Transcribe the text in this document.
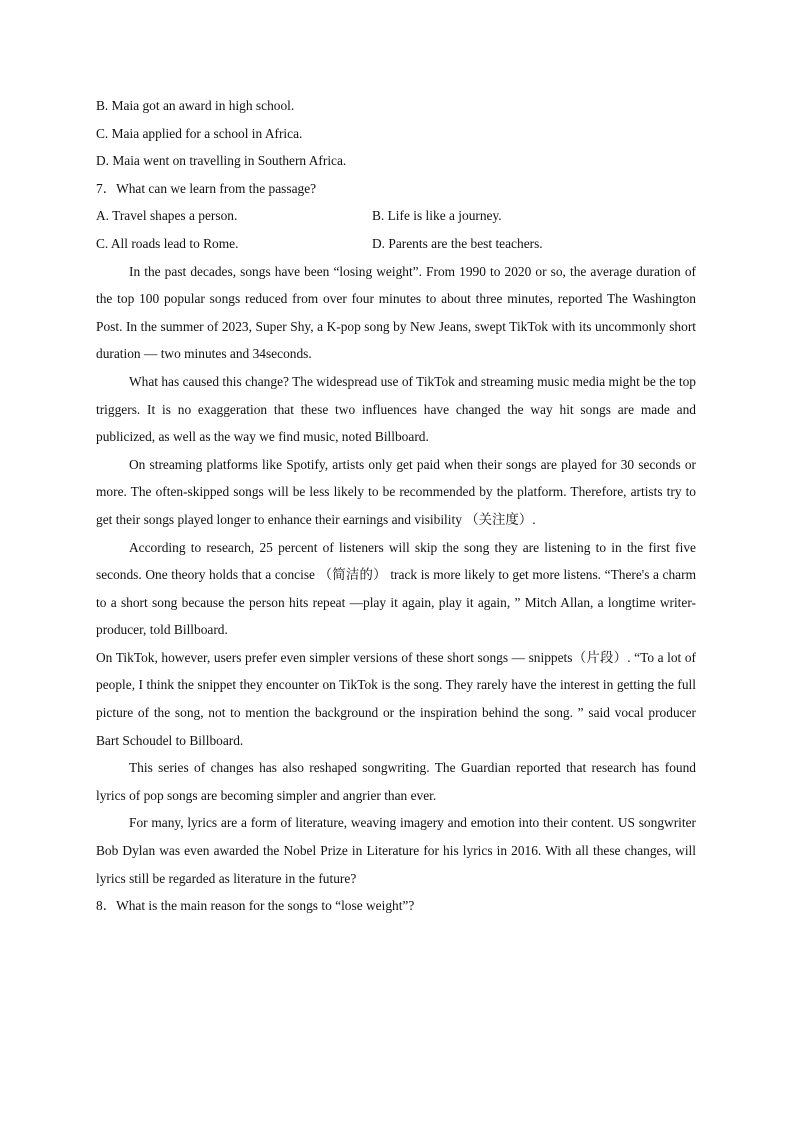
B. Maia got an award in high school.
C. Maia applied for a school in Africa.
D. Maia went on travelling in Southern Africa.
7．What can we learn from the passage?
A. Travel shapes a person.	B. Life is like a journey.
C. All roads lead to Rome.	D. Parents are the best teachers.

In the past decades, songs have been “losing weight”. From 1990 to 2020 or so, the average duration of the top 100 popular songs reduced from over four minutes to about three minutes, reported The Washington Post. In the summer of 2023, Super Shy, a K-pop song by New Jeans, swept TikTok with its uncommonly short duration — two minutes and 34seconds.

What has caused this change? The widespread use of TikTok and streaming music media might be the top triggers. It is no exaggeration that these two influences have changed the way hit songs are made and publicized, as well as the way we find music, noted Billboard.

On streaming platforms like Spotify, artists only get paid when their songs are played for 30 seconds or more. The often-skipped songs will be less likely to be recommended by the platform. Therefore, artists try to get their songs played longer to enhance their earnings and visibility （关注度）.

According to research, 25 percent of listeners will skip the song they are listening to in the first five seconds. One theory holds that a concise （简洁的） track is more likely to get more listens. “There's a charm to a short song because the person hits repeat —play it again, play it again, ” Mitch Allan, a longtime writer-producer, told Billboard.

On TikTok, however, users prefer even simpler versions of these short songs — snippets（片段）. “To a lot of people, I think the snippet they encounter on TikTok is the song. They rarely have the interest in getting the full picture of the song, not to mention the background or the inspiration behind the song. ” said vocal producer Bart Schoudel to Billboard.

This series of changes has also reshaped songwriting. The Guardian reported that research has found lyrics of pop songs are becoming simpler and angrier than ever.

For many, lyrics are a form of literature, weaving imagery and emotion into their content. US songwriter Bob Dylan was even awarded the Nobel Prize in Literature for his lyrics in 2016. With all these changes, will lyrics still be regarded as literature in the future?

8．What is the main reason for the songs to “lose weight”?
